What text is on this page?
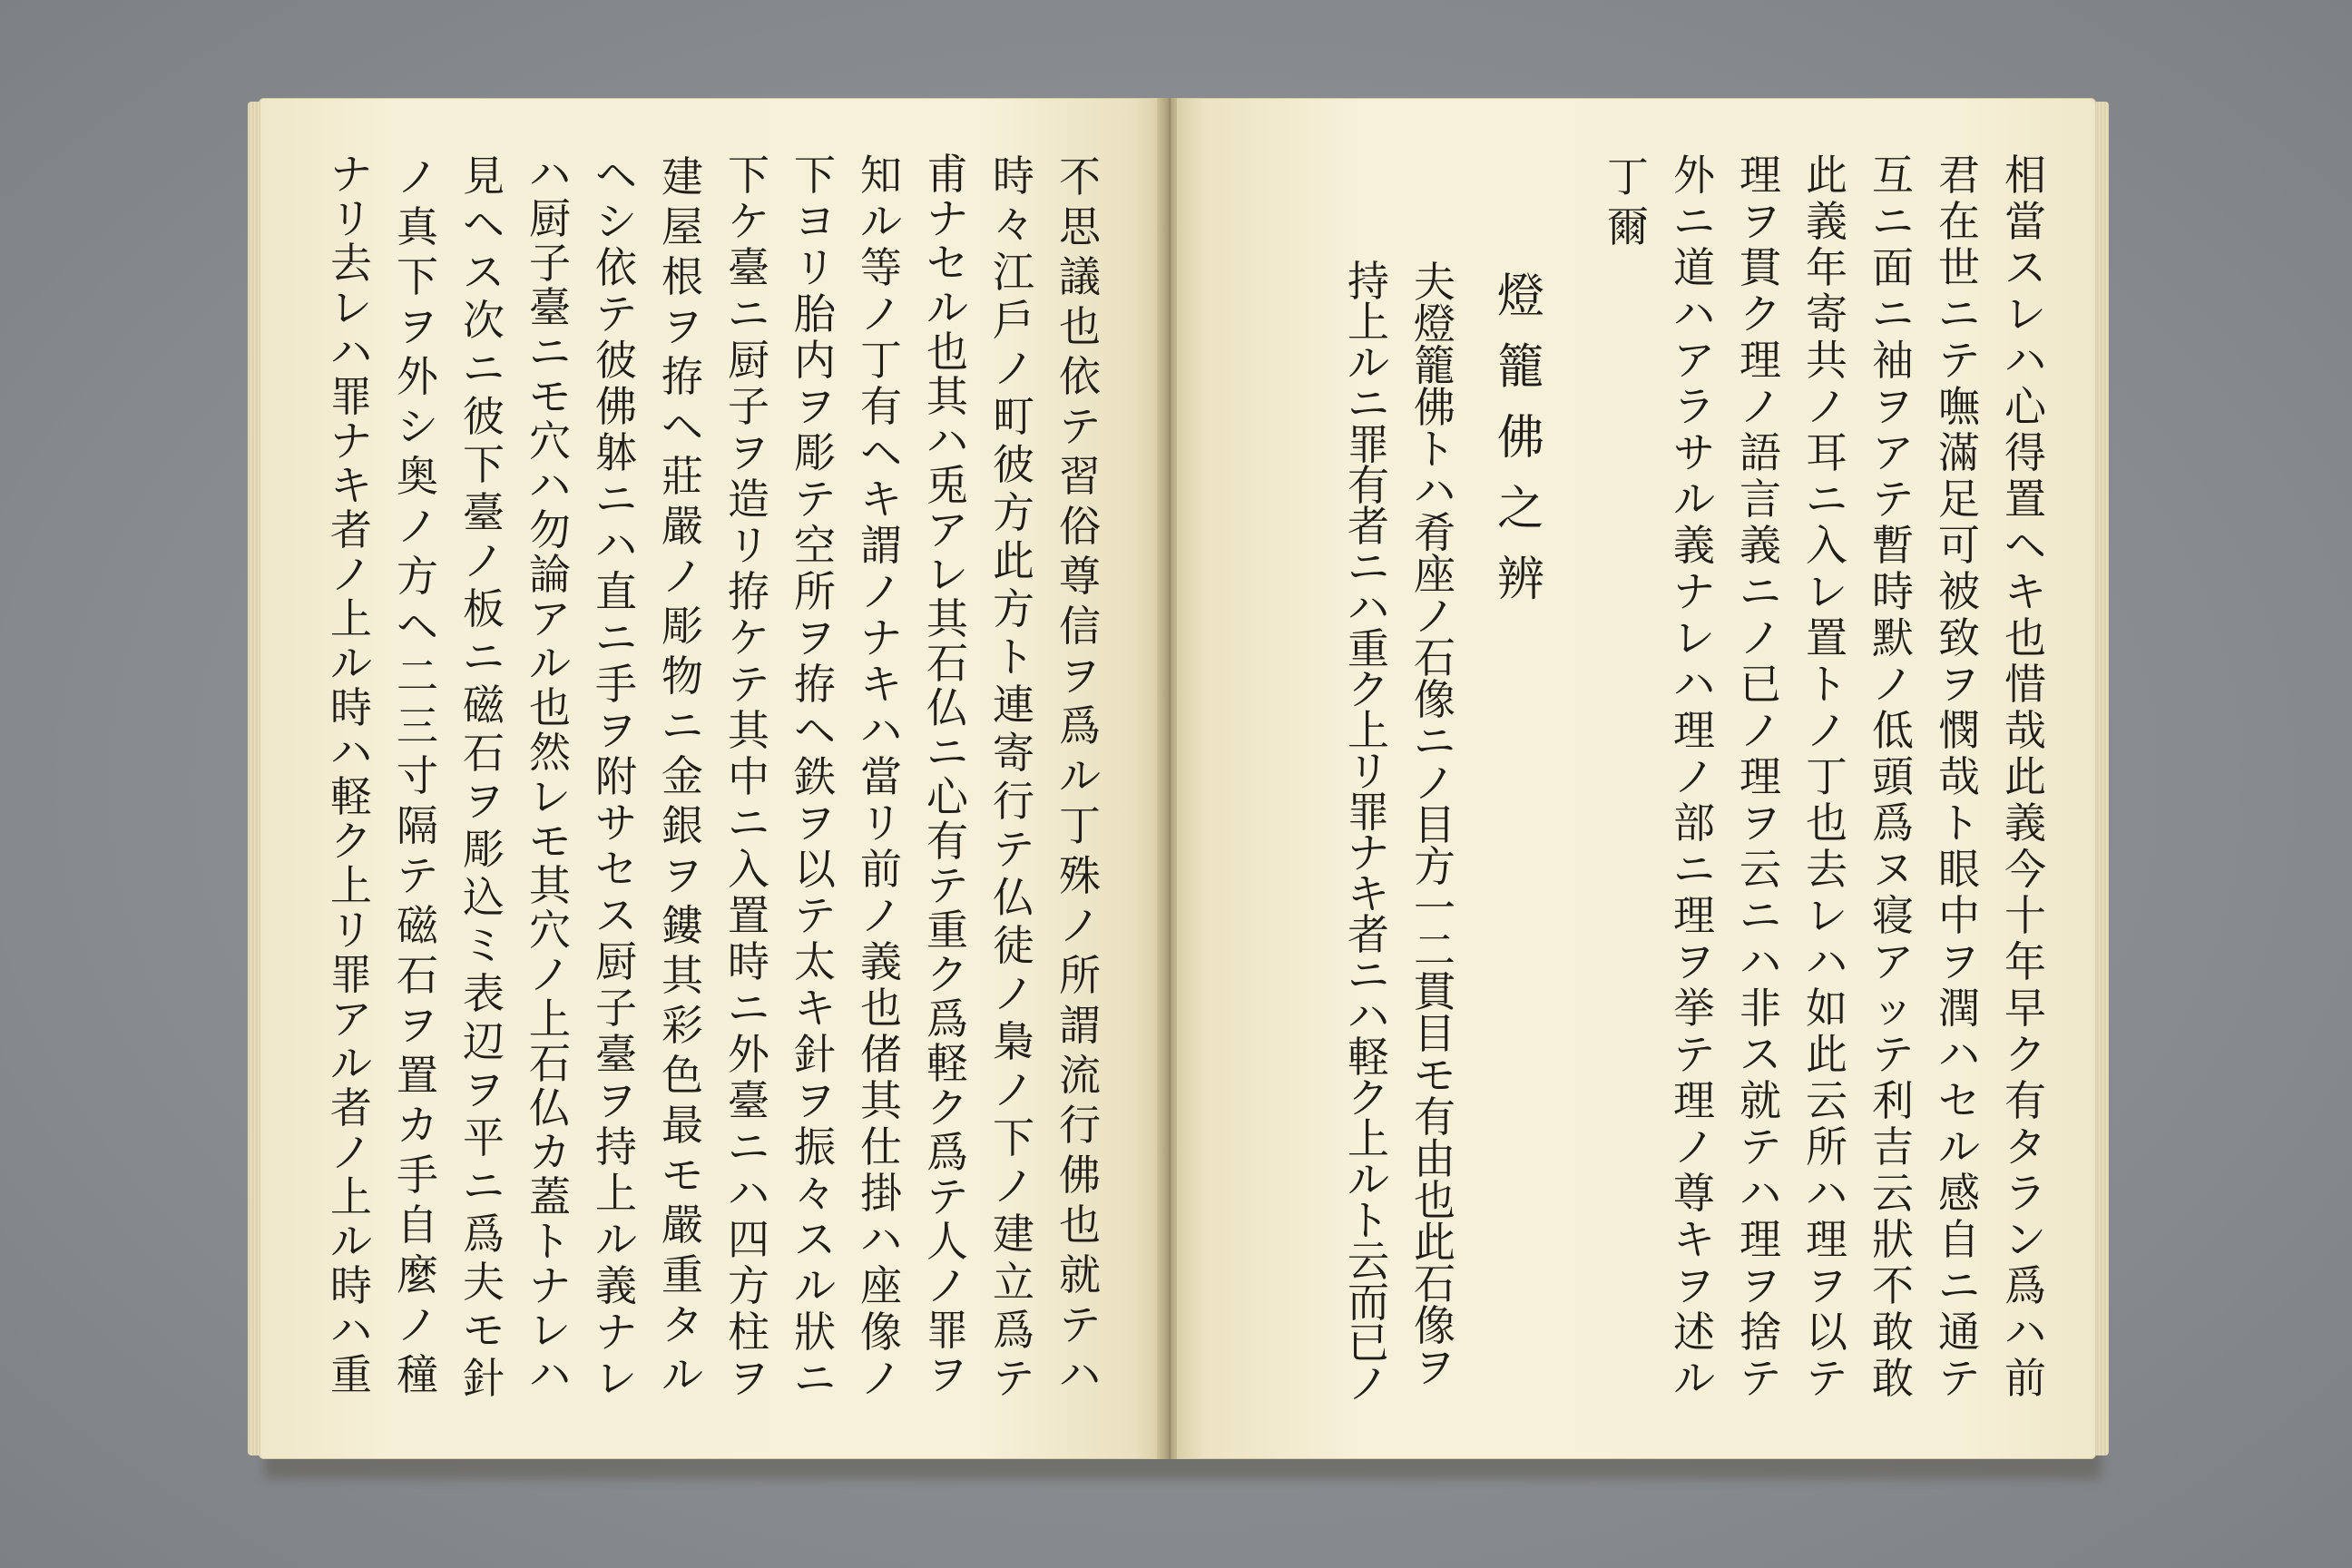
不
思
議
也
依
テ
習
俗
尊
信
ヲ
爲
ル
丁
殊
ノ
所
謂
流
行
佛
也
就
テ
ハ
時
々
江
戶
ノ
町
彼
方
此
方
ト
連
寄
行
テ
仏
徒
ノ
梟
ノ
下
ノ
建
立
爲
テ
甫
ナ
セ
ル
也
其
ハ
兎
ア
レ
其
石
仏
ニ
心
有
テ
重
ク
爲
軽
ク
爲
テ
人
ノ
罪
ヲ
知
ル
等
ノ
丁
有
ヘ
キ
謂
ノ
ナ
キ
ハ
當
リ
前
ノ
義
也
偖
其
仕
掛
ハ
座
像
ノ
下
ヨ
リ
胎
内
ヲ
彫
テ
空
所
ヲ
拵
ヘ
鉄
ヲ
以
テ
太
キ
針
ヲ
振
々
ス
ル
狀
ニ
下
ケ
臺
ニ
厨
子
ヲ
造
リ
拵
ケ
テ
其
中
ニ
入
置
時
ニ
外
臺
ニ
ハ
四
方
柱
ヲ
建
屋
根
ヲ
拵
ヘ
莊
嚴
ノ
彫
物
ニ
金
銀
ヲ
鏤
其
彩
色
最
モ
嚴
重
タ
ル
ヘ
シ
依
テ
彼
佛
躰
ニ
ハ
直
ニ
手
ヲ
附
サ
セ
ス
厨
子
臺
ヲ
持
上
ル
義
ナ
レ
ハ
厨
子
臺
ニ
モ
穴
ハ
勿
論
ア
ル
也
然
レ
モ
其
穴
ノ
上
石
仏
カ
蓋
ト
ナ
レ
ハ
見
ヘ
ス
次
ニ
彼
下
臺
ノ
板
ニ
磁
石
ヲ
彫
込
ミ
表
辺
ヲ
平
ニ
爲
夫
モ
針
ノ
真
下
ヲ
外
シ
奥
ノ
方
ヘ
二
三
寸
隔
テ
磁
石
ヲ
置
カ
手
自
麼
ノ
穜
ナ
リ
去
レ
ハ
罪
ナ
キ
者
ノ
上
ル
時
ハ
軽
ク
上
リ
罪
ア
ル
者
ノ
上
ル
時
ハ
重
相
當
ス
レ
ハ
心
得
置
ヘ
キ
也
惜
哉
此
義
今
十
年
早
ク
有
タ
ラ
ン
爲
ハ
前
君
在
世
ニ
テ
嘸
滿
足
可
被
致
ヲ
憫
哉
ト
眼
中
ヲ
潤
ハ
セ
ル
感
自
ニ
通
テ
互
ニ
面
ニ
袖
ヲ
ア
テ
暫
時
默
ノ
低
頭
爲
ヌ
寝
ア
ッ
テ
利
吉
云
狀
不
敢
敢
此
義
年
寄
共
ノ
耳
ニ
入
レ
置
ト
ノ
丁
也
去
レ
ハ
如
此
云
所
ハ
理
ヲ
以
テ
理
ヲ
貫
ク
理
ノ
語
言
義
ニ
ノ
已
ノ
理
ヲ
云
ニ
ハ
非
ス
就
テ
ハ
理
ヲ
捨
テ
外
ニ
道
ハ
ア
ラ
サ
ル
義
ナ
レ
ハ
理
ノ
部
ニ
理
ヲ
挙
テ
理
ノ
尊
キ
ヲ
述
ル
丁
爾
燈
籠
佛
之
辨
夫
燈
籠
佛
ト
ハ
肴
座
ノ
石
像
ニ
ノ
目
方
一
二
貫
目
モ
有
由
也
此
石
像
ヲ
持
上
ル
ニ
罪
有
者
ニ
ハ
重
ク
上
リ
罪
ナ
キ
者
ニ
ハ
軽
ク
上
ル
ト
云
而
已
ノ
